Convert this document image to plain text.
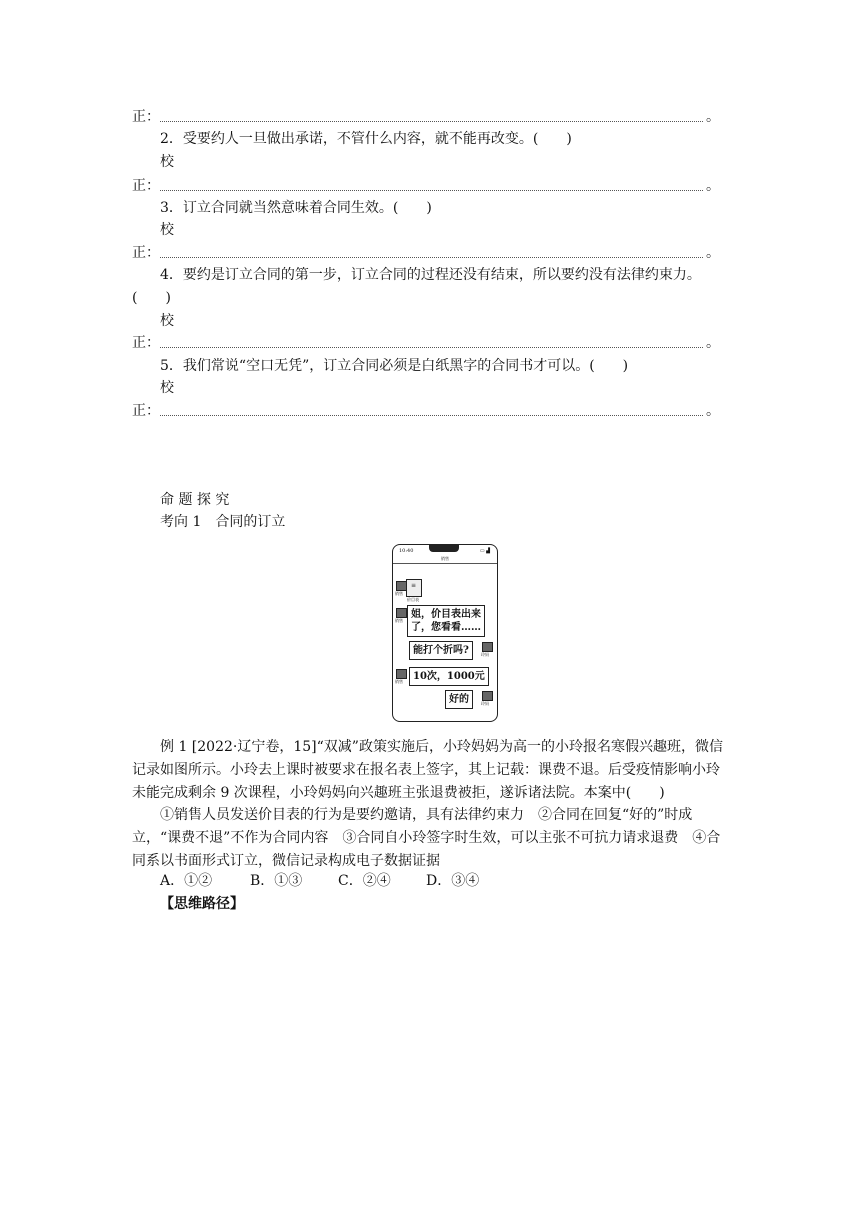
正：	。
2．受要约人一旦做出承诺，不管什么内容，就不能再改变。(　　)
校
正：	。
3．订立合同就当然意味着合同生效。(　　)
校
正：	。
4．要约是订立合同的第一步，订立合同的过程还没有结束，所以要约没有法律约束力。
(　　)
校
正：	。
5．我们常说“空口无凭”，订立合同必须是白纸黑字的合同书才可以。(　　)
校
正：	。
命 题 探 究
考向 1　合同的订立
10:40	▭ ▟
销售
销售
≡
价目表
销售
姐，价目表出来
了，您看看……
能打个折吗?	玲妈
销售	10次，1000元
好的	玲妈
例 1 [2022·辽宁卷，15]“双减”政策实施后，小玲妈妈为高一的小玲报名寒假兴趣班，微信记录如图所示。小玲去上课时被要求在报名表上签字，其上记载：课费不退。后受疫情影响小玲未能完成剩余 9 次课程，小玲妈妈向兴趣班主张退费被拒，遂诉诸法院。本案中(　　)
①销售人员发送价目表的行为是要约邀请，具有法律约束力　②合同在回复“好的”时成立，“课费不退”不作为合同内容　③合同自小玲签字时生效，可以主张不可抗力请求退费　④合同系以书面形式订立，微信记录构成电子数据证据
A．①②	B．①③	C．②④	D．③④
【思维路径】
